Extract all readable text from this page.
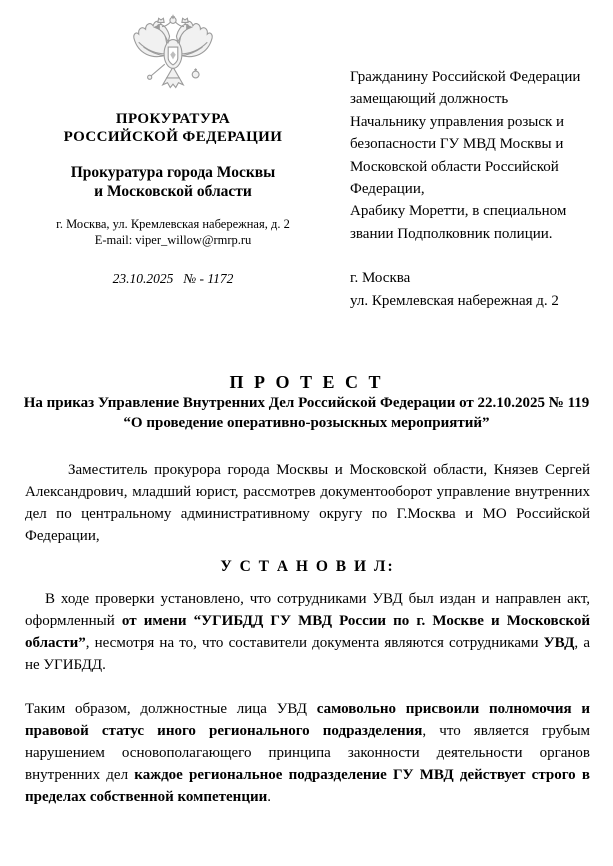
ПРОКУРАТУРА
РОССИЙСКОЙ ФЕДЕРАЦИИ
Прокуратура города Москвы
и Московской области
г. Москва, ул. Кремлевская набережная, д. 2
E-mail: viper_willow@rmrp.ru
23.10.2025   № - 1172
Гражданину Российской Федерации
замещающий должность
Начальнику управления розыск и
безопасности ГУ МВД Москвы и
Московской области Российской
Федерации,
Арабику Моретти, в специальном
звании Подполковник полиции.
г. Москва
ул. Кремлевская набережная д. 2
П Р О Т Е С Т
На приказ Управление Внутренних Дел Российской Федерации от 22.10.2025 № 119
“О проведение оперативно-розыскных мероприятий”

Заместитель прокурора города Москвы и Московской области, Князев Сергей Александрович, младший юрист, рассмотрев документооборот управление внутренних дел по центральному административному округу по Г.Москва и МО Российской Федерации,

У С Т А Н О В И Л:

В ходе проверки установлено, что сотрудниками УВД был издан и направлен акт, оформленный от имени “УГИБДД ГУ МВД России по г. Москве и Московской области”, несмотря на то, что составители документа являются сотрудниками УВД, а не УГИБДД.

Таким образом, должностные лица УВД самовольно присвоили полномочия и правовой статус иного регионального подразделения, что является грубым нарушением основополагающего принципа законности деятельности органов внутренних дел каждое региональное подразделение ГУ МВД действует строго в пределах собственной компетенции.
